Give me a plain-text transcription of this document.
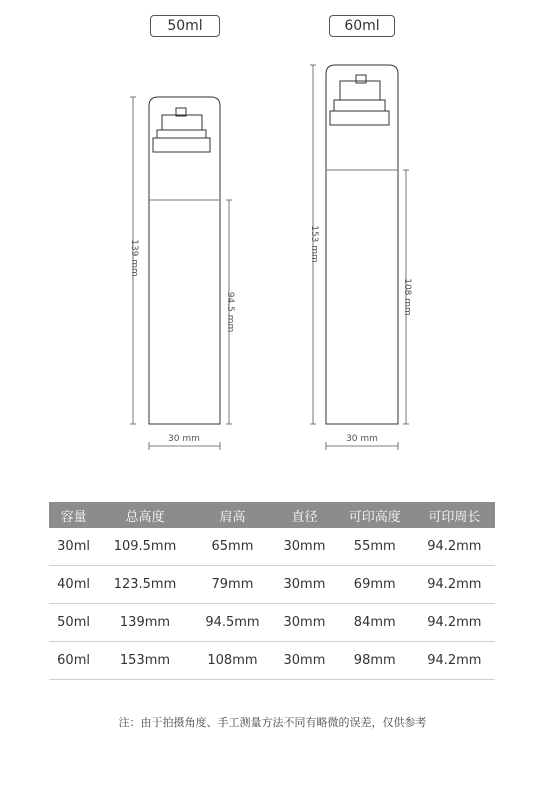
50ml	60ml
139 mm
94.5 mm
30 mm
153 mm
108 mm
30 mm
容量	总高度	肩高	直径	可印高度	可印周长
30ml	109.5mm	65mm	30mm	55mm	94.2mm
40ml	123.5mm	79mm	30mm	69mm	94.2mm
50ml	139mm	94.5mm	30mm	84mm	94.2mm
60ml	153mm	108mm	30mm	98mm	94.2mm
注：由于拍摄角度、手工测量方法不同有略微的误差，仅供参考
